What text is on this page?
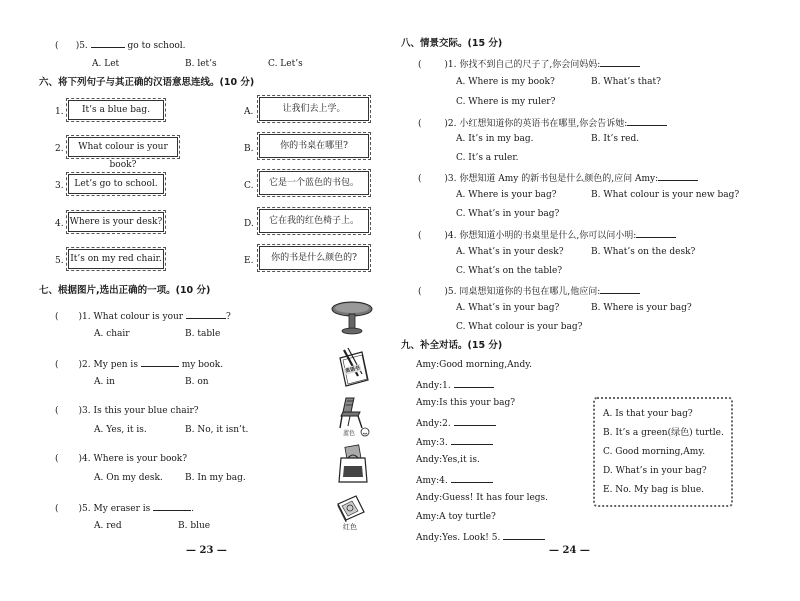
(      )5.	go to school.
A. Let	B. let’s	C. Let’s
六、将下列句子与其正确的汉语意思连线。(10 分)
1.	It’s a blue bag.
2.	What colour is your book?
3.	Let’s go to school.
4. Where is your desk?
5. It’s on my red chair.
A.	让我们去上学。
B.	你的书桌在哪里?
C.	它是一个蓝色的书包。
D.	它在我的红色椅子上。
E.	你的书是什么颜色的?
七、根据图片,选出正确的一项。(10 分)
(       )1. What colour is your	?
A. chair	B. table
(       )2. My pen is	my book.
A. in	B. on
(       )3. Is this your blue chair?
A. Yes, it is.	B. No, it isn’t.
(       )4. Where is your book?
A. On my desk. B. In my bag.
(       )5. My eraser is	.
A. red	B. blue
英语书
蓝色
红色
— 23 —
八、情景交际。(15 分)
(        )1. 你找不到自己的尺子了,你会问妈妈:
A. Where is my book?	B. What’s that?
C. Where is my ruler?
(        )2. 小红想知道你的英语书在哪里,你会告诉她:
A. It’s in my bag.	B. It’s red.
C. It’s a ruler.
(        )3. 你想知道 Amy 的新书包是什么颜色的,应问 Amy:
A. Where is your bag?	B. What colour is your new bag?
C. What’s in your bag?
(        )4. 你想知道小明的书桌里是什么,你可以问小明:
A. What’s in your desk?	B. What’s on the desk?
C. What’s on the table?
(        )5. 同桌想知道你的书包在哪儿,他应问:
A. What’s in your bag?	B. Where is your bag?
C. What colour is your bag?
九、补全对话。(15 分)
Amy:Good morning,Andy.
Andy:1.
Amy:Is this your bag?
Andy:2.
Amy:3.
Andy:Yes,it is.
Amy:4.
Andy:Guess! It has four legs.
Amy:A toy turtle?
Andy:Yes. Look! 5.
A. Is that your bag?
B. It’s a green(绿色) turtle.
C. Good morning,Amy.
D. What’s in your bag?
E. No. My bag is blue.
— 24 —
